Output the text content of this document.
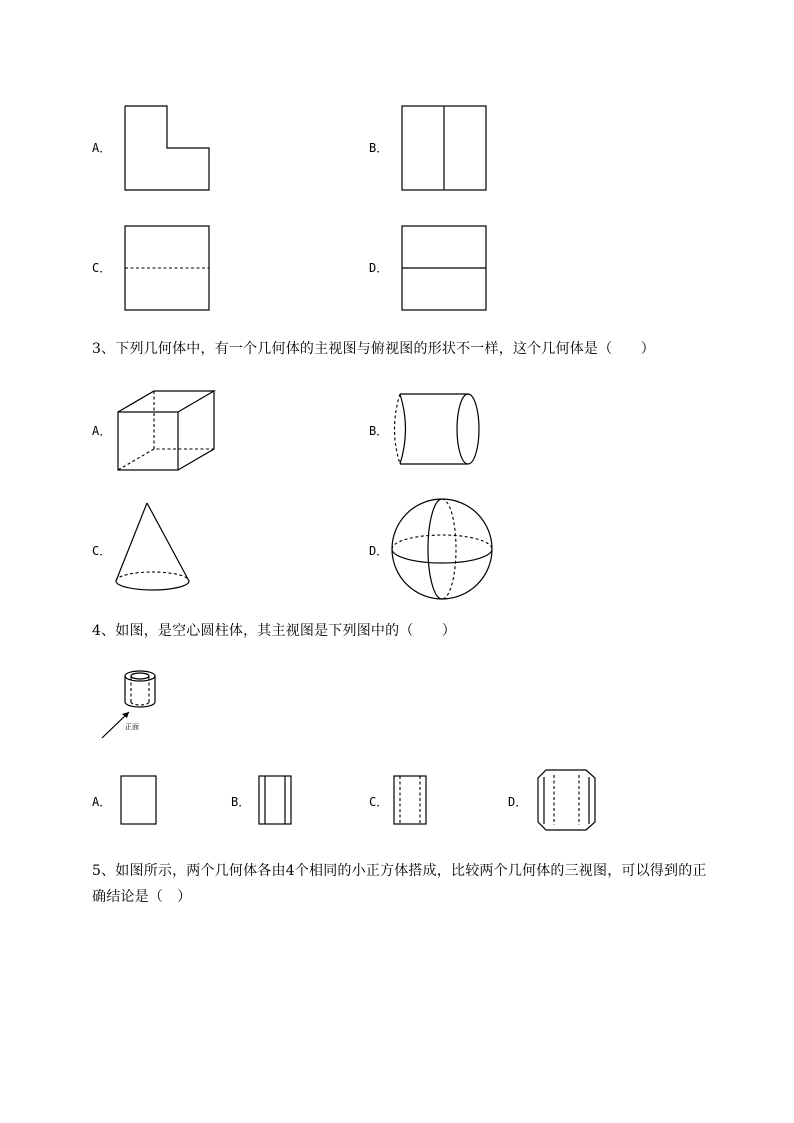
A．	B．
C．	D．
3、下列几何体中，有一个几何体的主视图与俯视图的形状不一样，这个几何体是（　　）
A．	B．
C．	D．
4、如图，是空心圆柱体，其主视图是下列图中的（　　）
正面
A．	B．	C．	D．
5、如图所示，两个几何体各由4个相同的小正方体搭成，比较两个几何体的三视图，可以得到的正
确结论是（　）
